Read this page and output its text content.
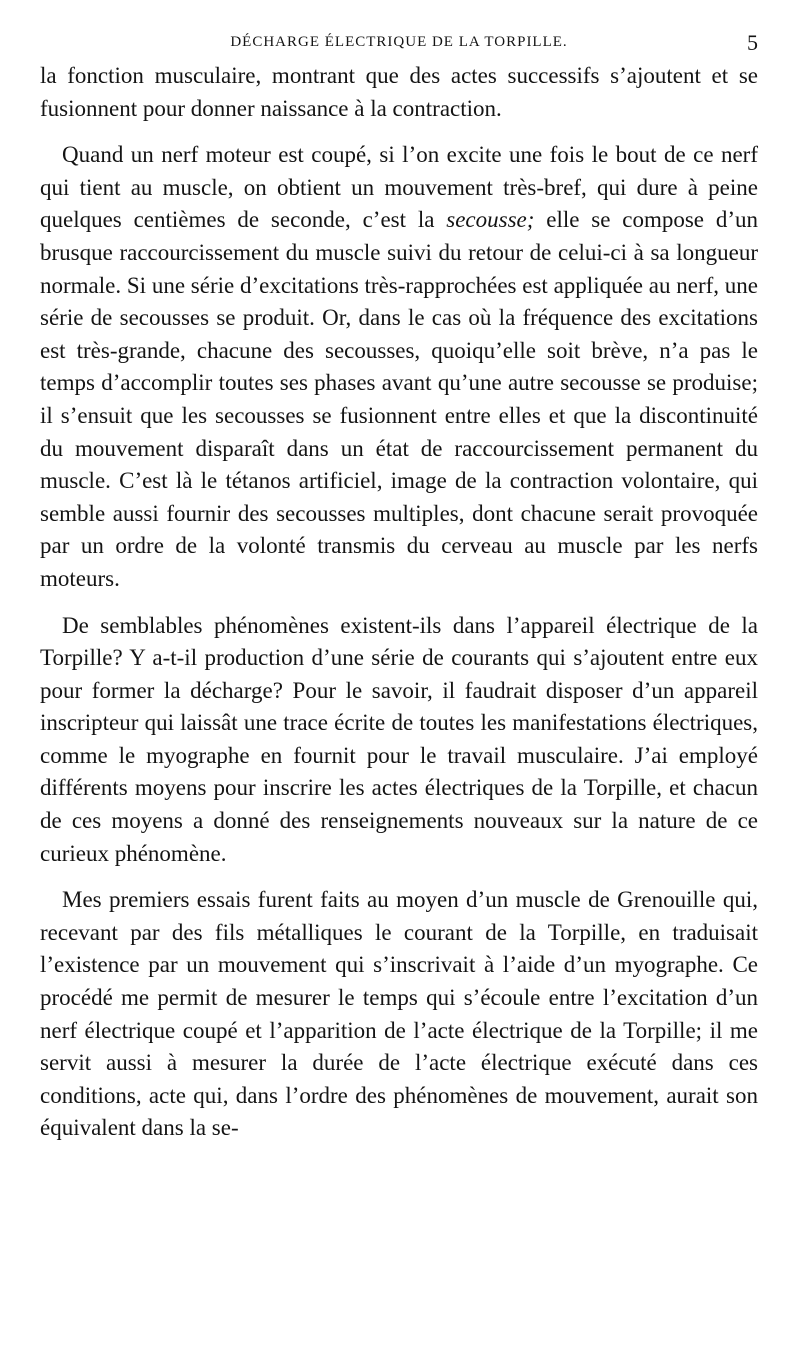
DÉCHARGE ÉLECTRIQUE DE LA TORPILLE.	5

la fonction musculaire, montrant que des actes successifs s’ajoutent et se fusionnent pour donner naissance à la contraction.

Quand un nerf moteur est coupé, si l’on excite une fois le bout de ce nerf qui tient au muscle, on obtient un mouvement très-bref, qui dure à peine quelques centièmes de seconde, c’est la secousse; elle se compose d’un brusque raccourcissement du muscle suivi du retour de celui-ci à sa longueur normale. Si une série d’excitations très-rapprochées est appliquée au nerf, une série de secousses se produit. Or, dans le cas où la fréquence des excitations est très-grande, chacune des secousses, quoiqu’elle soit brève, n’a pas le temps d’accomplir toutes ses phases avant qu’une autre secousse se produise; il s’ensuit que les secousses se fusionnent entre elles et que la discontinuité du mouvement disparaît dans un état de raccourcissement permanent du muscle. C’est là le tétanos artificiel, image de la contraction volontaire, qui semble aussi fournir des secousses multiples, dont chacune serait provoquée par un ordre de la volonté transmis du cerveau au muscle par les nerfs moteurs.

De semblables phénomènes existent-ils dans l’appareil électrique de la Torpille? Y a-t-il production d’une série de courants qui s’ajoutent entre eux pour former la décharge? Pour le savoir, il faudrait disposer d’un appareil inscripteur qui laissât une trace écrite de toutes les manifestations électriques, comme le myographe en fournit pour le travail musculaire. J’ai employé différents moyens pour inscrire les actes électriques de la Torpille, et chacun de ces moyens a donné des renseignements nouveaux sur la nature de ce curieux phénomène.

Mes premiers essais furent faits au moyen d’un muscle de Grenouille qui, recevant par des fils métalliques le courant de la Torpille, en traduisait l’existence par un mouvement qui s’inscrivait à l’aide d’un myographe. Ce procédé me permit de mesurer le temps qui s’écoule entre l’excitation d’un nerf électrique coupé et l’apparition de l’acte électrique de la Torpille; il me servit aussi à mesurer la durée de l’acte électrique exécuté dans ces conditions, acte qui, dans l’ordre des phénomènes de mouvement, aurait son équivalent dans la se-
